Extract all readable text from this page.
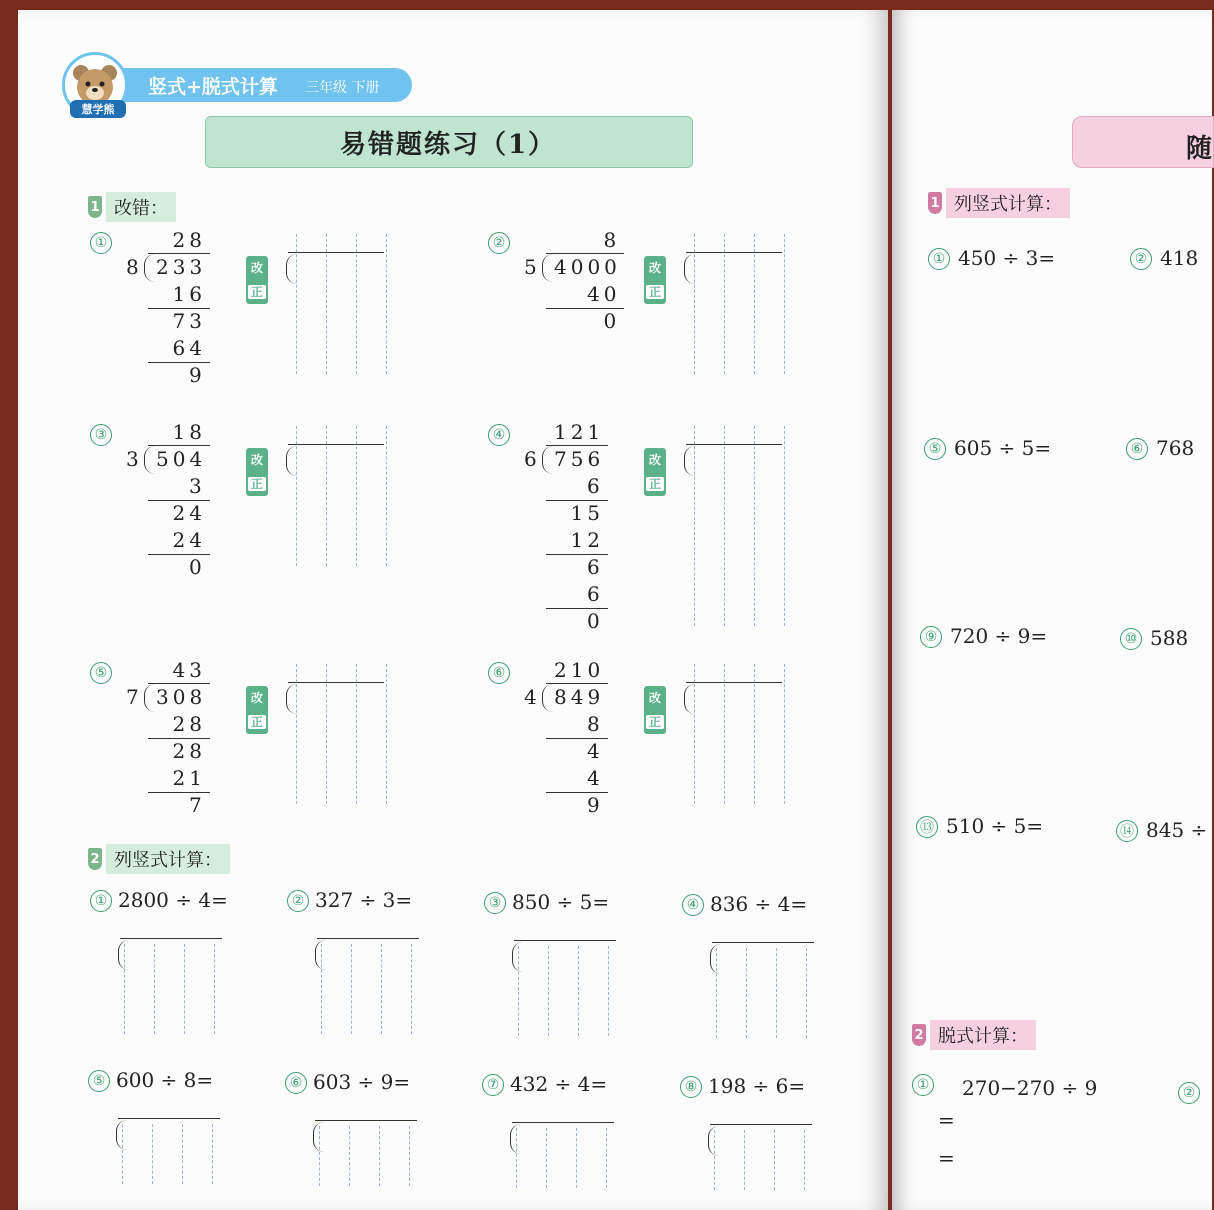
竖式+脱式计算 三年级 下册
慧学熊
易错题练习（1）
1 改错：
①	28
8 233
16
73
64
9
改
正
②	8
5 4000
40
0
改
正
③	18
3 504
3
24
24
0
改
正
④ 121
6 756
6
15
12
6
6
0
改
正
⑤	43
7 308
28
28
21
7
改
正
⑥ 210
4 849
8
4
4
9
改
正
2 列竖式计算：
① 2800 ÷ 4=	② 327 ÷ 3=	③ 850 ÷ 5=	④ 836 ÷ 4=
⑤ 600 ÷ 8=	⑥ 603 ÷ 9=	⑦ 432 ÷ 4=	⑧ 198 ÷ 6=
随
1 列竖式计算：
① 450 ÷ 3=	② 418
⑤ 605 ÷ 5=	⑥ 768
⑨ 720 ÷ 9=	⑩ 588
⑬ 510 ÷ 5=	⑭ 845 ÷
2 脱式计算：
① 270−270 ÷ 9
=
=
②
